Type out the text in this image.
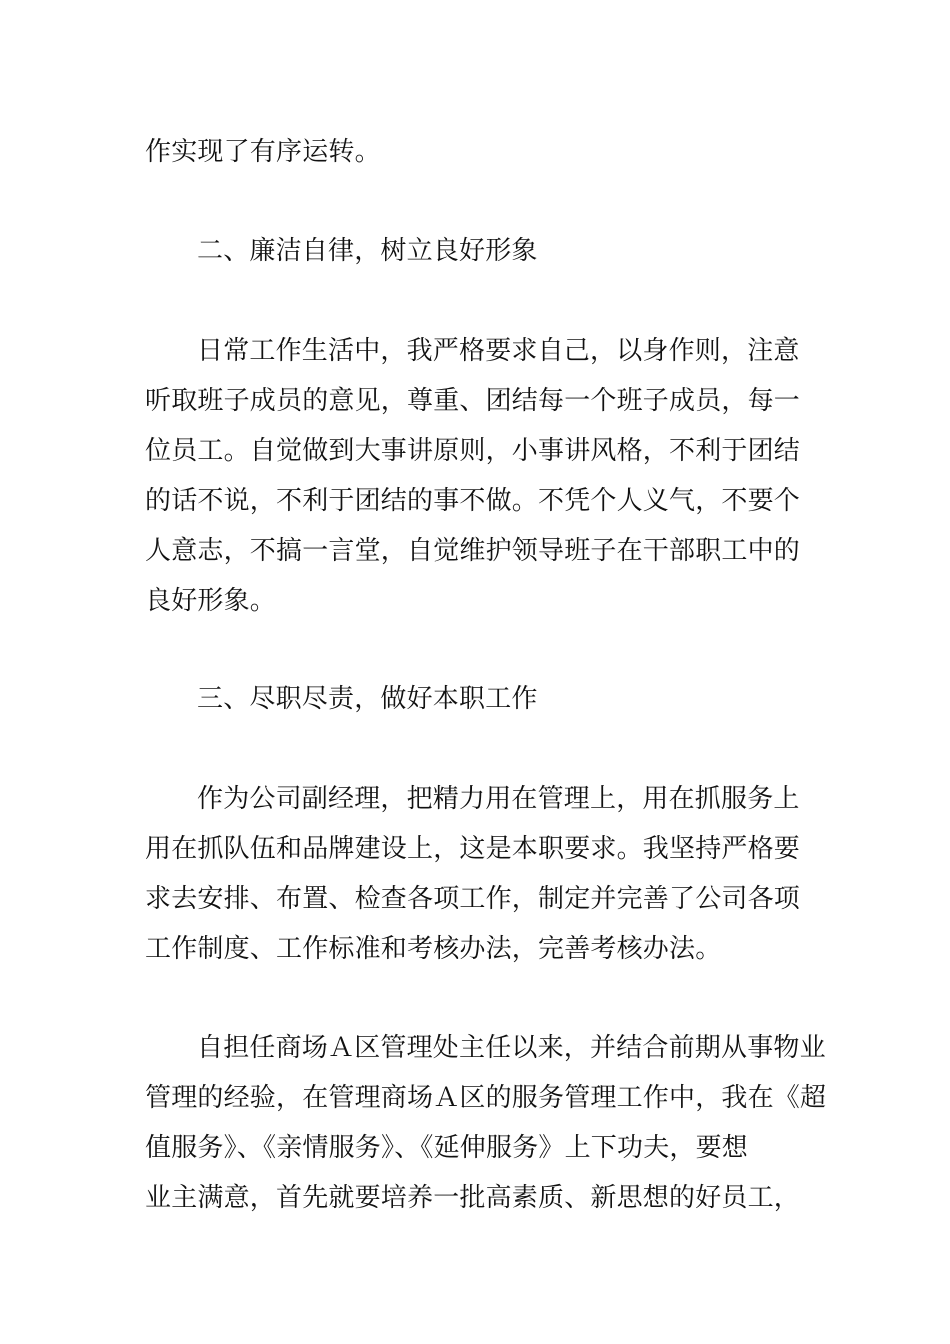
作实现了有序运转。
二、廉洁自律，树立良好形象
日常工作生活中，我严格要求自己，以身作则，注意
听取班子成员的意见，尊重、团结每一个班子成员，每一
位员工。自觉做到大事讲原则，小事讲风格，不利于团结
的话不说，不利于团结的事不做。不凭个人义气，不要个
人意志，不搞一言堂，自觉维护领导班子在干部职工中的
良好形象。
三、尽职尽责，做好本职工作
作为公司副经理，把精力用在管理上，用在抓服务上
用在抓队伍和品牌建设上，这是本职要求。我坚持严格要
求去安排、布置、检查各项工作，制定并完善了公司各项
工作制度、工作标准和考核办法，完善考核办法。
自担任商场Ａ区管理处主任以来，并结合前期从事物业
管理的经验，在管理商场Ａ区的服务管理工作中，我在《超
值服务》、《亲情服务》、《延伸服务》上下功夫，要想
业主满意，首先就要培养一批高素质、新思想的好员工，
